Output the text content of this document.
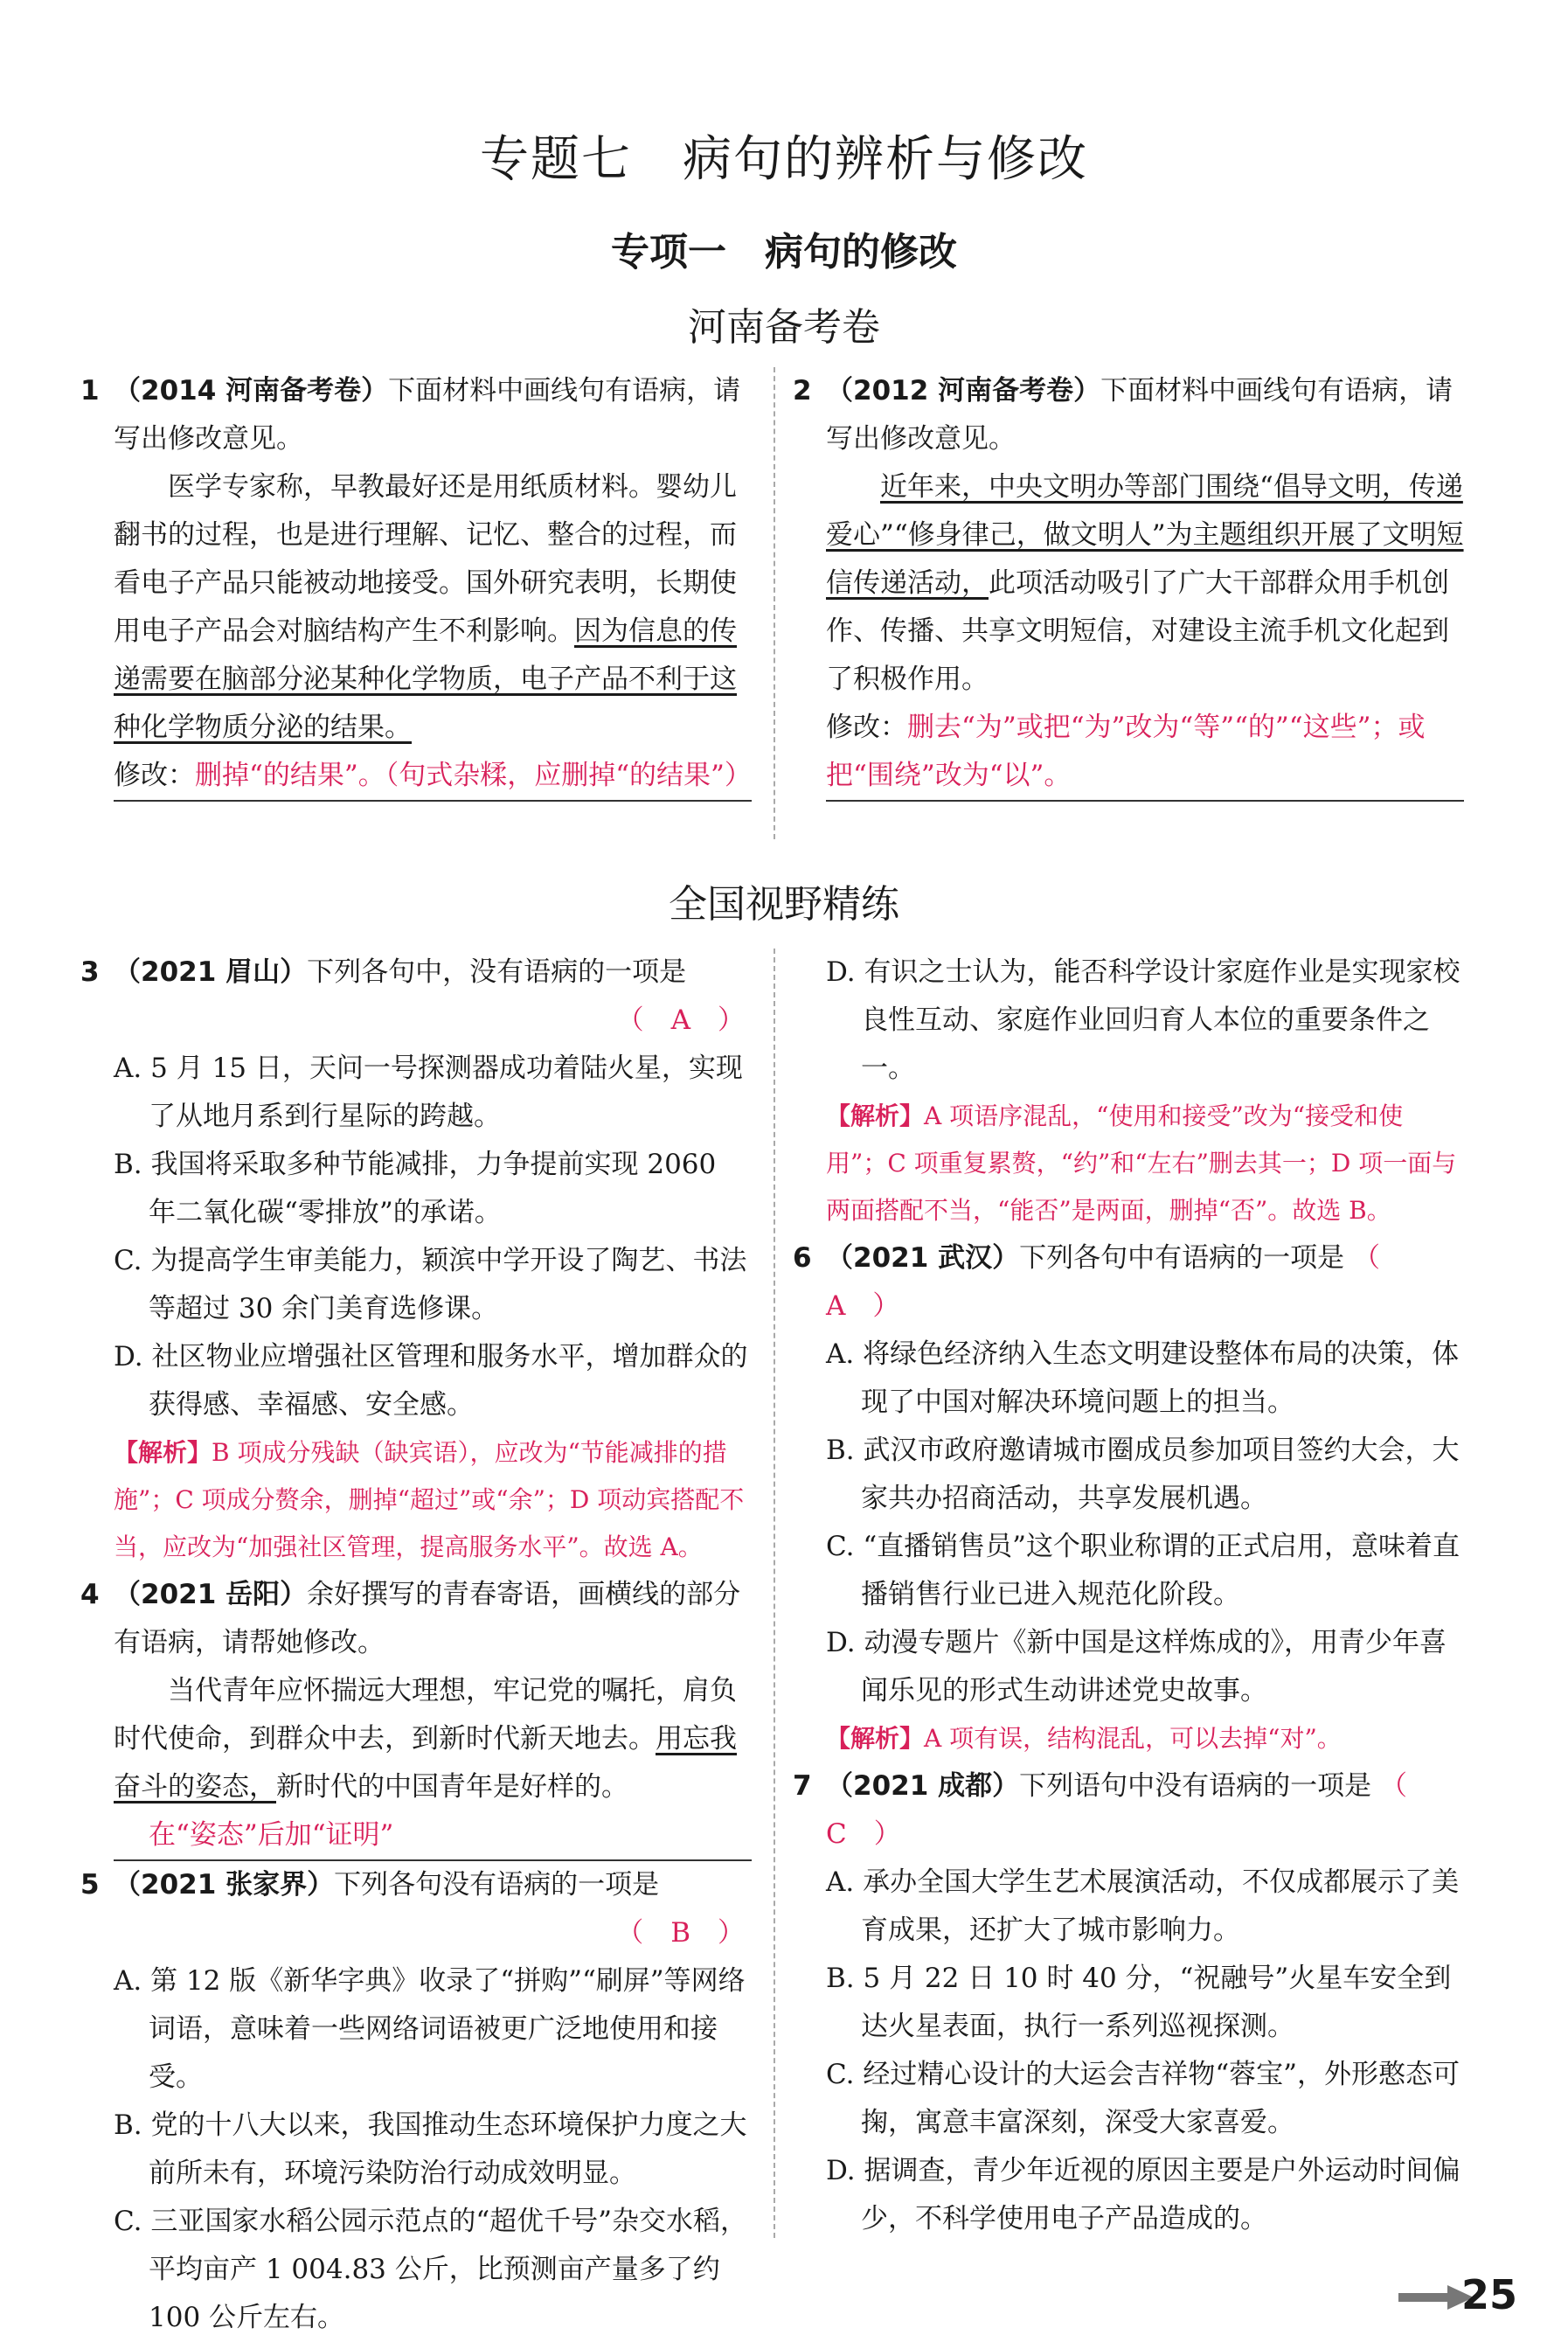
专题七　病句的辨析与修改
专项一　病句的修改
河南备考卷
全国视野精练
1 （2014 河南备考卷）下面材料中画线句有语病，请写出修改意见。
医学专家称，早教最好还是用纸质材料。婴幼儿翻书的过程，也是进行理解、记忆、整合的过程，而看电子产品只能被动地接受。国外研究表明，长期使用电子产品会对脑结构产生不利影响。因为信息的传递需要在脑部分泌某种化学物质，电子产品不利于这种化学物质分泌的结果。
修改：删掉“的结果”。（句式杂糅，应删掉“的结果”）
2 （2012 河南备考卷）下面材料中画线句有语病，请写出修改意见。
近年来，中央文明办等部门围绕“倡导文明，传递爱心”“修身律己，做文明人”为主题组织开展了文明短信传递活动，此项活动吸引了广大干部群众用手机创作、传播、共享文明短信，对建设主流手机文化起到了积极作用。
修改：删去“为”或把“为”改为“等”“的”“这些”；或把“围绕”改为“以”。
3 （2021 眉山）下列各句中，没有语病的一项是
（　A　）
A. 5 月 15 日，天问一号探测器成功着陆火星，实现了从地月系到行星际的跨越。
B. 我国将采取多种节能减排，力争提前实现 2060 年二氧化碳“零排放”的承诺。
C. 为提高学生审美能力，颖滨中学开设了陶艺、书法等超过 30 余门美育选修课。
D. 社区物业应增强社区管理和服务水平，增加群众的获得感、幸福感、安全感。
【解析】B 项成分残缺（缺宾语），应改为“节能减排的措施”；C 项成分赘余，删掉“超过”或“余”；D 项动宾搭配不当，应改为“加强社区管理，提高服务水平”。故选 A。
4 （2021 岳阳）余好撰写的青春寄语，画横线的部分有语病，请帮她修改。
当代青年应怀揣远大理想，牢记党的嘱托，肩负时代使命，到群众中去，到新时代新天地去。用忘我奋斗的姿态，新时代的中国青年是好样的。
在“姿态”后加“证明”
5 （2021 张家界）下列各句没有语病的一项是
（　B　）
A. 第 12 版《新华字典》收录了“拼购”“刷屏”等网络词语，意味着一些网络词语被更广泛地使用和接受。
B. 党的十八大以来，我国推动生态环境保护力度之大前所未有，环境污染防治行动成效明显。
C. 三亚国家水稻公园示范点的“超优千号”杂交水稻，平均亩产 1 004.83 公斤，比预测亩产量多了约 100 公斤左右。
D. 有识之士认为，能否科学设计家庭作业是实现家校良性互动、家庭作业回归育人本位的重要条件之一。
【解析】A 项语序混乱，“使用和接受”改为“接受和使用”；C 项重复累赘，“约”和“左右”删去其一；D 项一面与两面搭配不当，“能否”是两面，删掉“否”。故选 B。
6 （2021 武汉）下列各句中有语病的一项是 （　A　）
A. 将绿色经济纳入生态文明建设整体布局的决策，体现了中国对解决环境问题上的担当。
B. 武汉市政府邀请城市圈成员参加项目签约大会，大家共办招商活动，共享发展机遇。
C. “直播销售员”这个职业称谓的正式启用，意味着直播销售行业已进入规范化阶段。
D. 动漫专题片《新中国是这样炼成的》，用青少年喜闻乐见的形式生动讲述党史故事。
【解析】A 项有误，结构混乱，可以去掉“对”。
7 （2021 成都）下列语句中没有语病的一项是 （　C　）
A. 承办全国大学生艺术展演活动，不仅成都展示了美育成果，还扩大了城市影响力。
B. 5 月 22 日 10 时 40 分，“祝融号”火星车安全到达火星表面，执行一系列巡视探测。
C. 经过精心设计的大运会吉祥物“蓉宝”，外形憨态可掬，寓意丰富深刻，深受大家喜爱。
D. 据调查，青少年近视的原因主要是户外运动时间偏少，不科学使用电子产品造成的。
25
